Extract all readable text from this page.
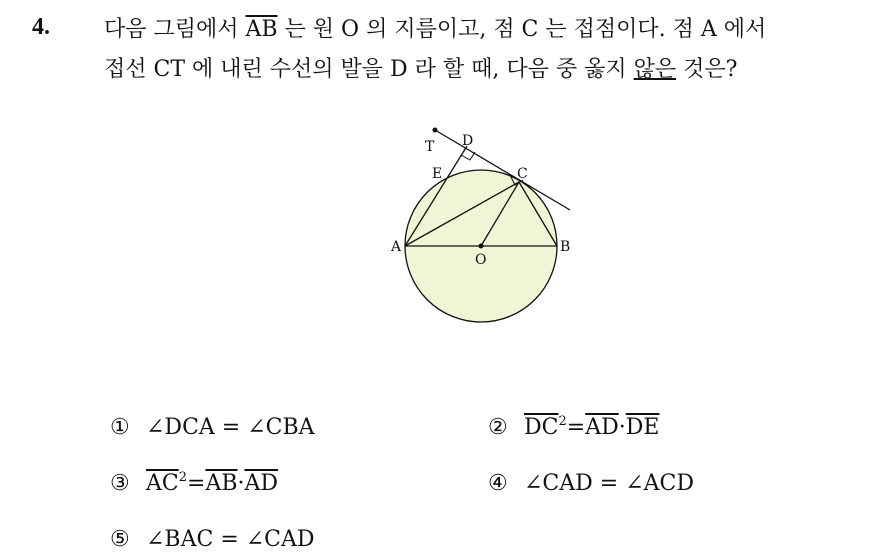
4. 다음 그림에서 $\overline{AB}$ 는 원 O 의 지름이고, 점 C 는 접점이다. 점 A 에서
접선 CT 에 내린 수선의 발을 D 라 할 때, 다음 중 옳지 않은 것은?
T D
E	C
A	B
O
① ∠DCA = ∠CBA	② $\overline{DC}^2=\overline{AD}\cdot\overline{DE}$
③ $\overline{AC}^2=\overline{AB}\cdot\overline{AD}$	④ ∠CAD = ∠ACD
⑤ ∠BAC = ∠CAD
